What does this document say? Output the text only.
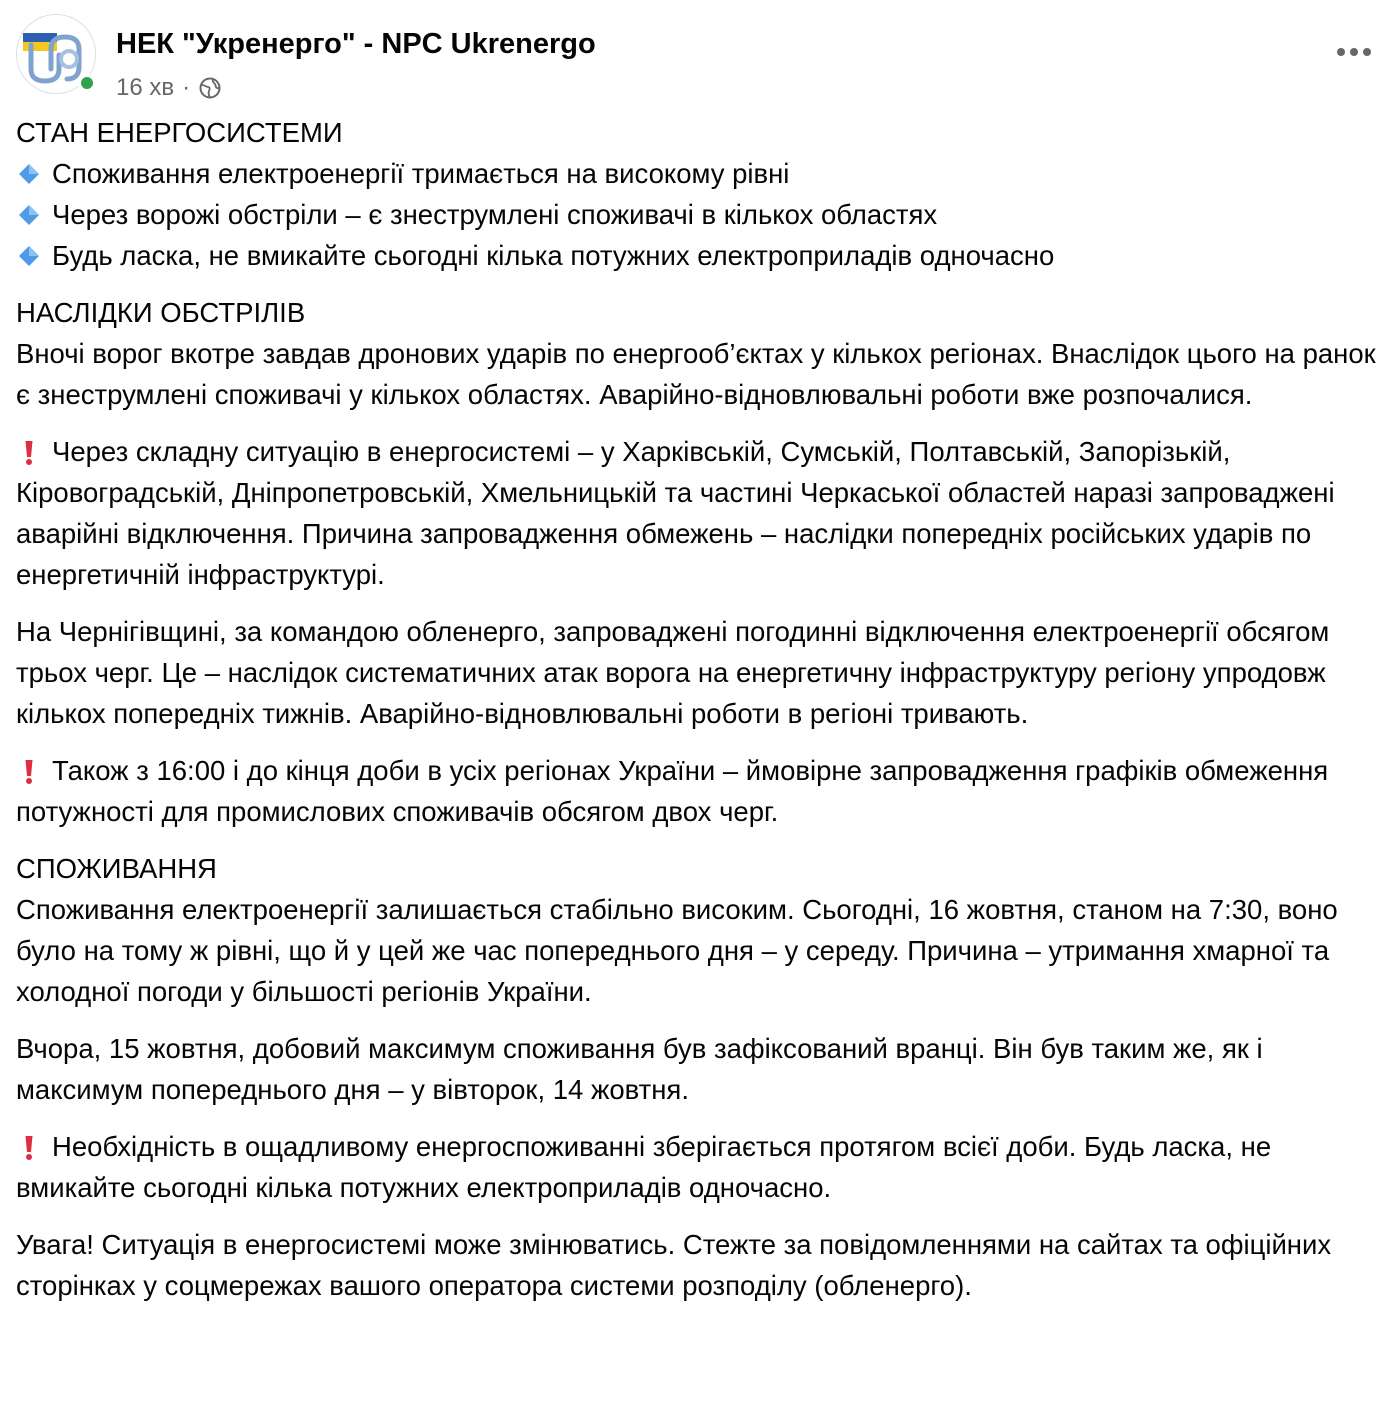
НЕК "Укренерго" - NPC Ukrenergo
16 хв ·

СТАН ЕНЕРГОСИСТЕМИ

Споживання електроенергії тримається на високому рівні

Через ворожі обстріли – є знеструмлені споживачі в кількох областях

Будь ласка, не вмикайте сьогодні кілька потужних електроприладів одночасно

НАСЛІДКИ ОБСТРІЛІВ

Вночі ворог вкотре завдав дронових ударів по енергооб’єктах у кількох регіонах. Внаслідок цього на ранок є знеструмлені споживачі у кількох областях. Аварійно-відновлювальні роботи вже розпочалися.

Через складну ситуацію в енергосистемі – у Харківській, Сумській, Полтавській, Запорізькій, Кіровоградській, Дніпропетровській, Хмельницькій та частині Черкаської областей наразі запроваджені аварійні відключення. Причина запровадження обмежень – наслідки попередніх російських ударів по енергетичній інфраструктурі.

На Чернігівщині, за командою обленерго, запроваджені погодинні відключення електроенергії обсягом трьох черг. Це – наслідок систематичних атак ворога на енергетичну інфраструктуру регіону упродовж кількох попередніх тижнів. Аварійно-відновлювальні роботи в регіоні тривають.

Також з 16:00 і до кінця доби в усіх регіонах України – ймовірне запровадження графіків обмеження потужності для промислових споживачів обсягом двох черг.

СПОЖИВАННЯ

Споживання електроенергії залишається стабільно високим. Сьогодні, 16 жовтня, станом на 7:30, воно було на тому ж рівні, що й у цей же час попереднього дня – у середу. Причина – утримання хмарної та холодної погоди у більшості регіонів України.

Вчора, 15 жовтня, добовий максимум споживання був зафіксований вранці. Він був таким же, як і максимум попереднього дня – у вівторок, 14 жовтня.

Необхідність в ощадливому енергоспоживанні зберігається протягом всієї доби. Будь ласка, не вмикайте сьогодні кілька потужних електроприладів одночасно.

Увага! Ситуація в енергосистемі може змінюватись. Стежте за повідомленнями на сайтах та офіційних сторінках у соцмережах вашого оператора системи розподілу (обленерго).
